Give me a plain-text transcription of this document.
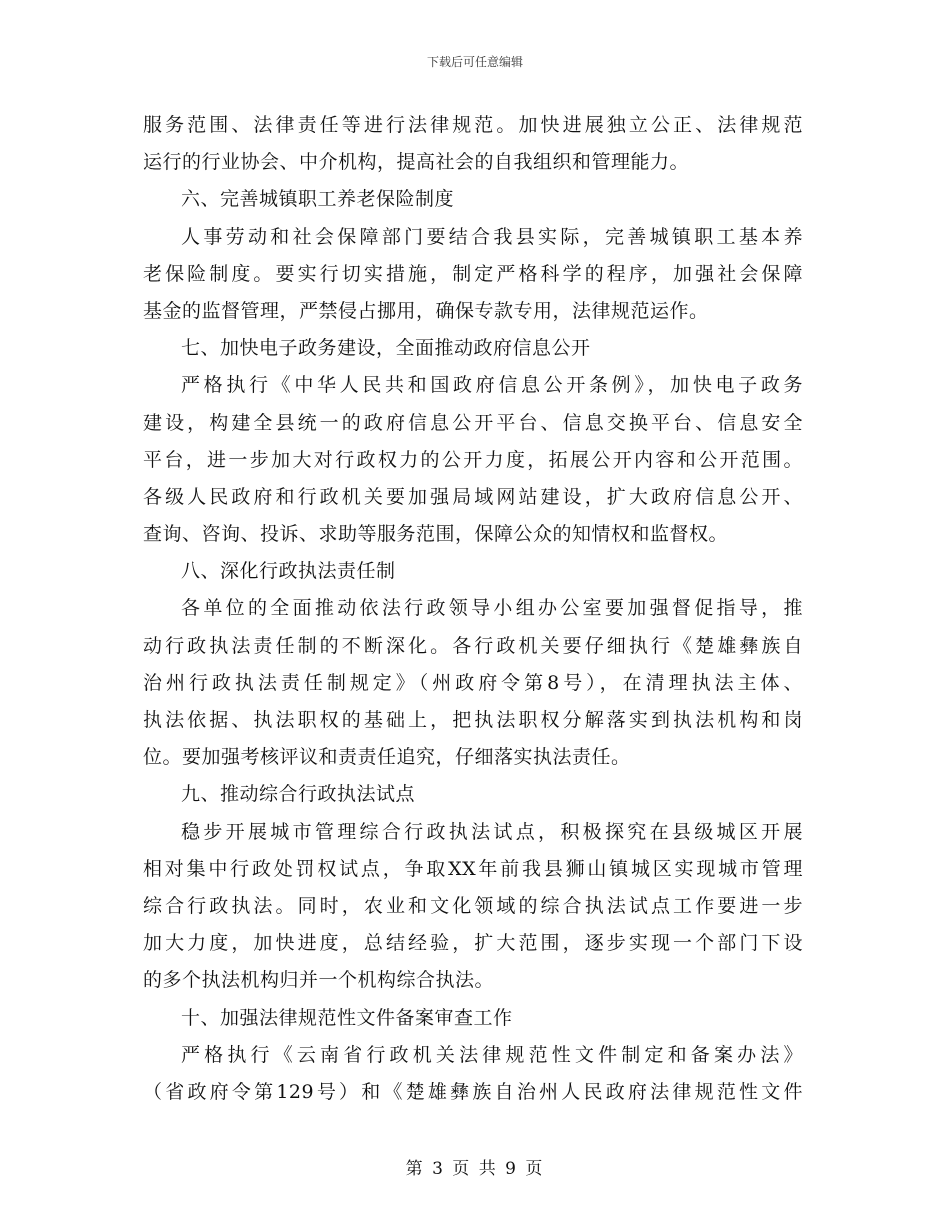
下载后可任意编辑
服务范围、法律责任等进行法律规范。加快进展独立公正、法律规范
运行的行业协会、中介机构，提高社会的自我组织和管理能力。
六、完善城镇职工养老保险制度
人事劳动和社会保障部门要结合我县实际，完善城镇职工基本养
老保险制度。要实行切实措施，制定严格科学的程序，加强社会保障
基金的监督管理，严禁侵占挪用，确保专款专用，法律规范运作。
七、加快电子政务建设，全面推动政府信息公开
严格执行《中华人民共和国政府信息公开条例》，加快电子政务
建设，构建全县统一的政府信息公开平台、信息交换平台、信息安全
平台，进一步加大对行政权力的公开力度，拓展公开内容和公开范围。
各级人民政府和行政机关要加强局域网站建设，扩大政府信息公开、
查询、咨询、投诉、求助等服务范围，保障公众的知情权和监督权。
八、深化行政执法责任制
各单位的全面推动依法行政领导小组办公室要加强督促指导，推
动行政执法责任制的不断深化。各行政机关要仔细执行《楚雄彝族自
治州行政执法责任制规定》（州政府令第8号），在清理执法主体、
执法依据、执法职权的基础上，把执法职权分解落实到执法机构和岗
位。要加强考核评议和责责任追究，仔细落实执法责任。
九、推动综合行政执法试点
稳步开展城市管理综合行政执法试点，积极探究在县级城区开展
相对集中行政处罚权试点，争取XX年前我县狮山镇城区实现城市管理
综合行政执法。同时，农业和文化领域的综合执法试点工作要进一步
加大力度，加快进度，总结经验，扩大范围，逐步实现一个部门下设
的多个执法机构归并一个机构综合执法。
十、加强法律规范性文件备案审查工作
严格执行《云南省行政机关法律规范性文件制定和备案办法》
（省政府令第129号）和《楚雄彝族自治州人民政府法律规范性文件
第 3 页 共 9 页
